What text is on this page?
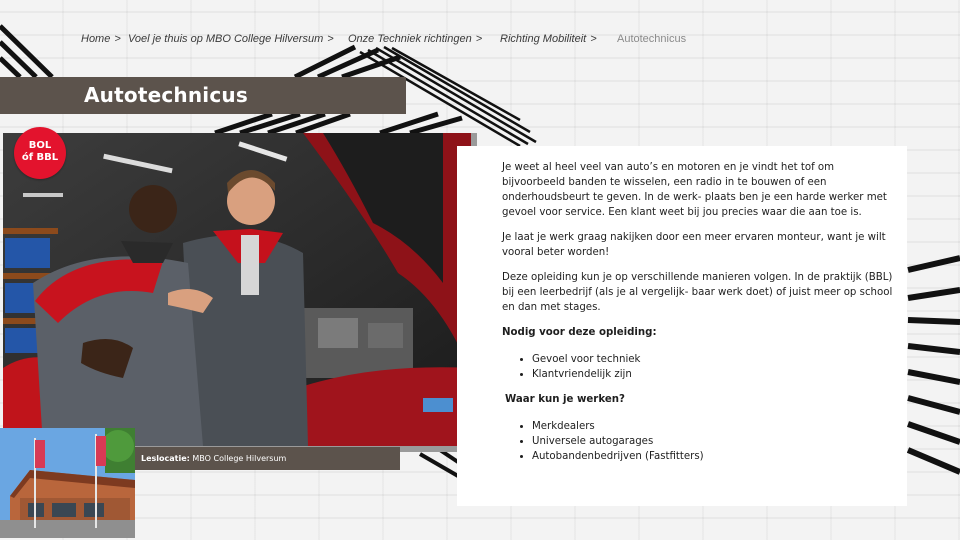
Home > Voel je thuis op MBO College Hilversum > Onze Techniek richtingen > Richting Mobiliteit > Autotechnicus
Autotechnicus
BOL
óf BBL
Leslocatie: MBO College Hilversum

Je weet al heel veel van auto’s en motoren en je vindt het tof om bijvoorbeeld banden te wisselen, een radio in te bouwen of een onderhoudsbeurt te geven. In de werk- plaats ben je een harde werker met gevoel voor service. Een klant weet bij jou precies waar die aan toe is.

Je laat je werk graag nakijken door een meer ervaren monteur, want je wilt vooral beter worden!

Deze opleiding kun je op verschillende manieren volgen. In de praktijk (BBL) bij een leerbedrijf (als je al vergelijk- baar werk doet) of juist meer op school en dan met stages.

Nodig voor deze opleiding:

• Gevoel voor techniek
• Klantvriendelijk zijn

Waar kun je werken?

• Merkdealers
• Universele autogarages
• Autobandenbedrijven (Fastfitters)
